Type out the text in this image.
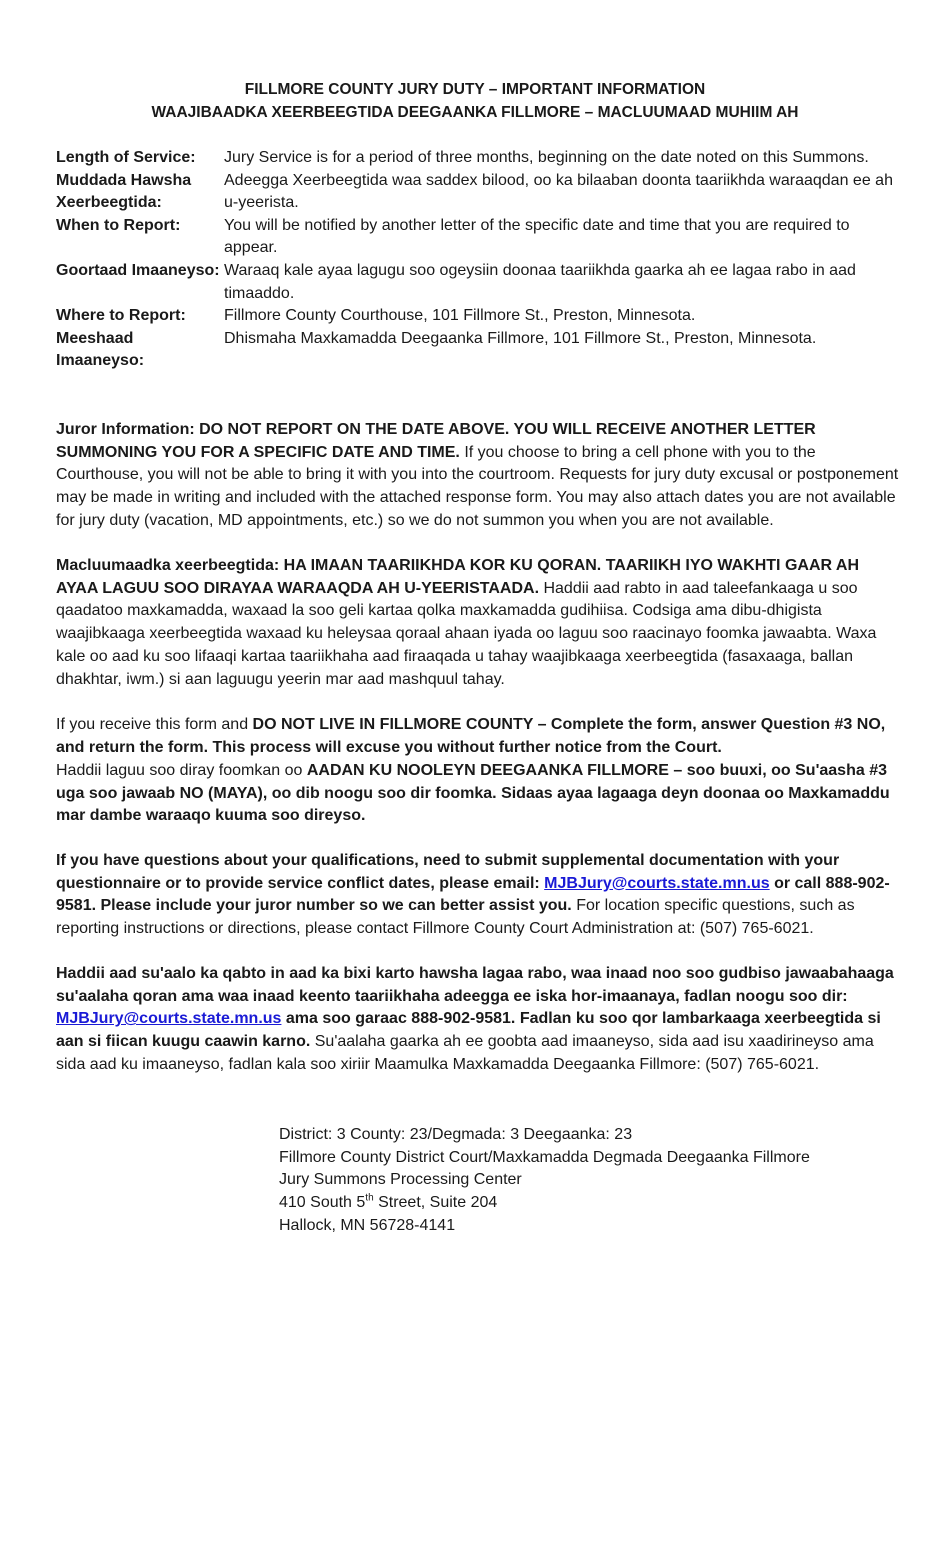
FILLMORE COUNTY JURY DUTY – IMPORTANT INFORMATION
WAAJIBAADKA XEERBEEGTIDA DEEGAANKA FILLMORE – MACLUUMAAD MUHIIM AH
Length of Service:	Jury Service is for a period of three months, beginning on the date noted on this Summons.
Muddada Hawsha Xeerbeegtida:
Adeegga Xeerbeegtida waa saddex bilood, oo ka bilaaban doonta taariikhda waraaqdan ee ah u-yeerista.
When to Report:	You will be notified by another letter of the specific date and time that you are required to appear.
Goortaad Imaaneyso: Waraaq kale ayaa lagugu soo ogeysiin doonaa taariikhda gaarka ah ee lagaa rabo in aad timaaddo.
Where to Report:	Fillmore County Courthouse, 101 Fillmore St., Preston, Minnesota.
Meeshaad Imaaneyso:
Dhismaha Maxkamadda Deegaanka Fillmore, 101 Fillmore St., Preston, Minnesota.
Juror Information: DO NOT REPORT ON THE DATE ABOVE. YOU WILL RECEIVE ANOTHER LETTER SUMMONING YOU FOR A SPECIFIC DATE AND TIME. If you choose to bring a cell phone with you to the Courthouse, you will not be able to bring it with you into the courtroom. Requests for jury duty excusal or postponement may be made in writing and included with the attached response form. You may also attach dates you are not available for jury duty (vacation, MD appointments, etc.) so we do not summon you when you are not available.
Macluumaadka xeerbeegtida: HA IMAAN TAARIIKHDA KOR KU QORAN. TAARIIKH IYO WAKHTI GAAR AH AYAA LAGUU SOO DIRAYAA WARAAQDA AH U-YEERISTAADA. Haddii aad rabto in aad taleefankaaga u soo qaadatoo maxkamadda, waxaad la soo geli kartaa qolka maxkamadda gudihiisa. Codsiga ama dibu-dhigista waajibkaaga xeerbeegtida waxaad ku heleysaa qoraal ahaan iyada oo laguu soo raacinayo foomka jawaabta. Waxa kale oo aad ku soo lifaaqi kartaa taariikhaha aad firaaqada u tahay waajibkaaga xeerbeegtida (fasaxaaga, ballan dhakhtar, iwm.) si aan laguugu yeerin mar aad mashquul tahay.
If you receive this form and DO NOT LIVE IN FILLMORE COUNTY – Complete the form, answer Question #3 NO, and return the form. This process will excuse you without further notice from the Court.
Haddii laguu soo diray foomkan oo AADAN KU NOOLEYN DEEGAANKA FILLMORE – soo buuxi, oo Su'aasha #3 uga soo jawaab NO (MAYA), oo dib noogu soo dir foomka. Sidaas ayaa lagaaga deyn doonaa oo Maxkamaddu mar dambe waraaqo kuuma soo direyso.
If you have questions about your qualifications, need to submit supplemental documentation with your questionnaire or to provide service conflict dates, please email: MJBJury@courts.state.mn.us or call 888-902-9581. Please include your juror number so we can better assist you. For location specific questions, such as reporting instructions or directions, please contact Fillmore County Court Administration at: (507) 765-6021.
Haddii aad su'aalo ka qabto in aad ka bixi karto hawsha lagaa rabo, waa inaad noo soo gudbiso jawaabahaaga su'aalaha qoran ama waa inaad keento taariikhaha adeegga ee iska hor-imaanaya, fadlan noogu soo dir: MJBJury@courts.state.mn.us ama soo garaac 888-902-9581. Fadlan ku soo qor lambarkaaga xeerbeegtida si aan si fiican kuugu caawin karno. Su'aalaha gaarka ah ee goobta aad imaaneyso, sida aad isu xaadirineyso ama sida aad ku imaaneyso, fadlan kala soo xiriir Maamulka Maxkamadda Deegaanka Fillmore: (507) 765-6021.
District: 3 County: 23/Degmada: 3 Deegaanka: 23
Fillmore County District Court/Maxkamadda Degmada Deegaanka Fillmore
Jury Summons Processing Center
410 South 5th Street, Suite 204
Hallock, MN 56728-4141
